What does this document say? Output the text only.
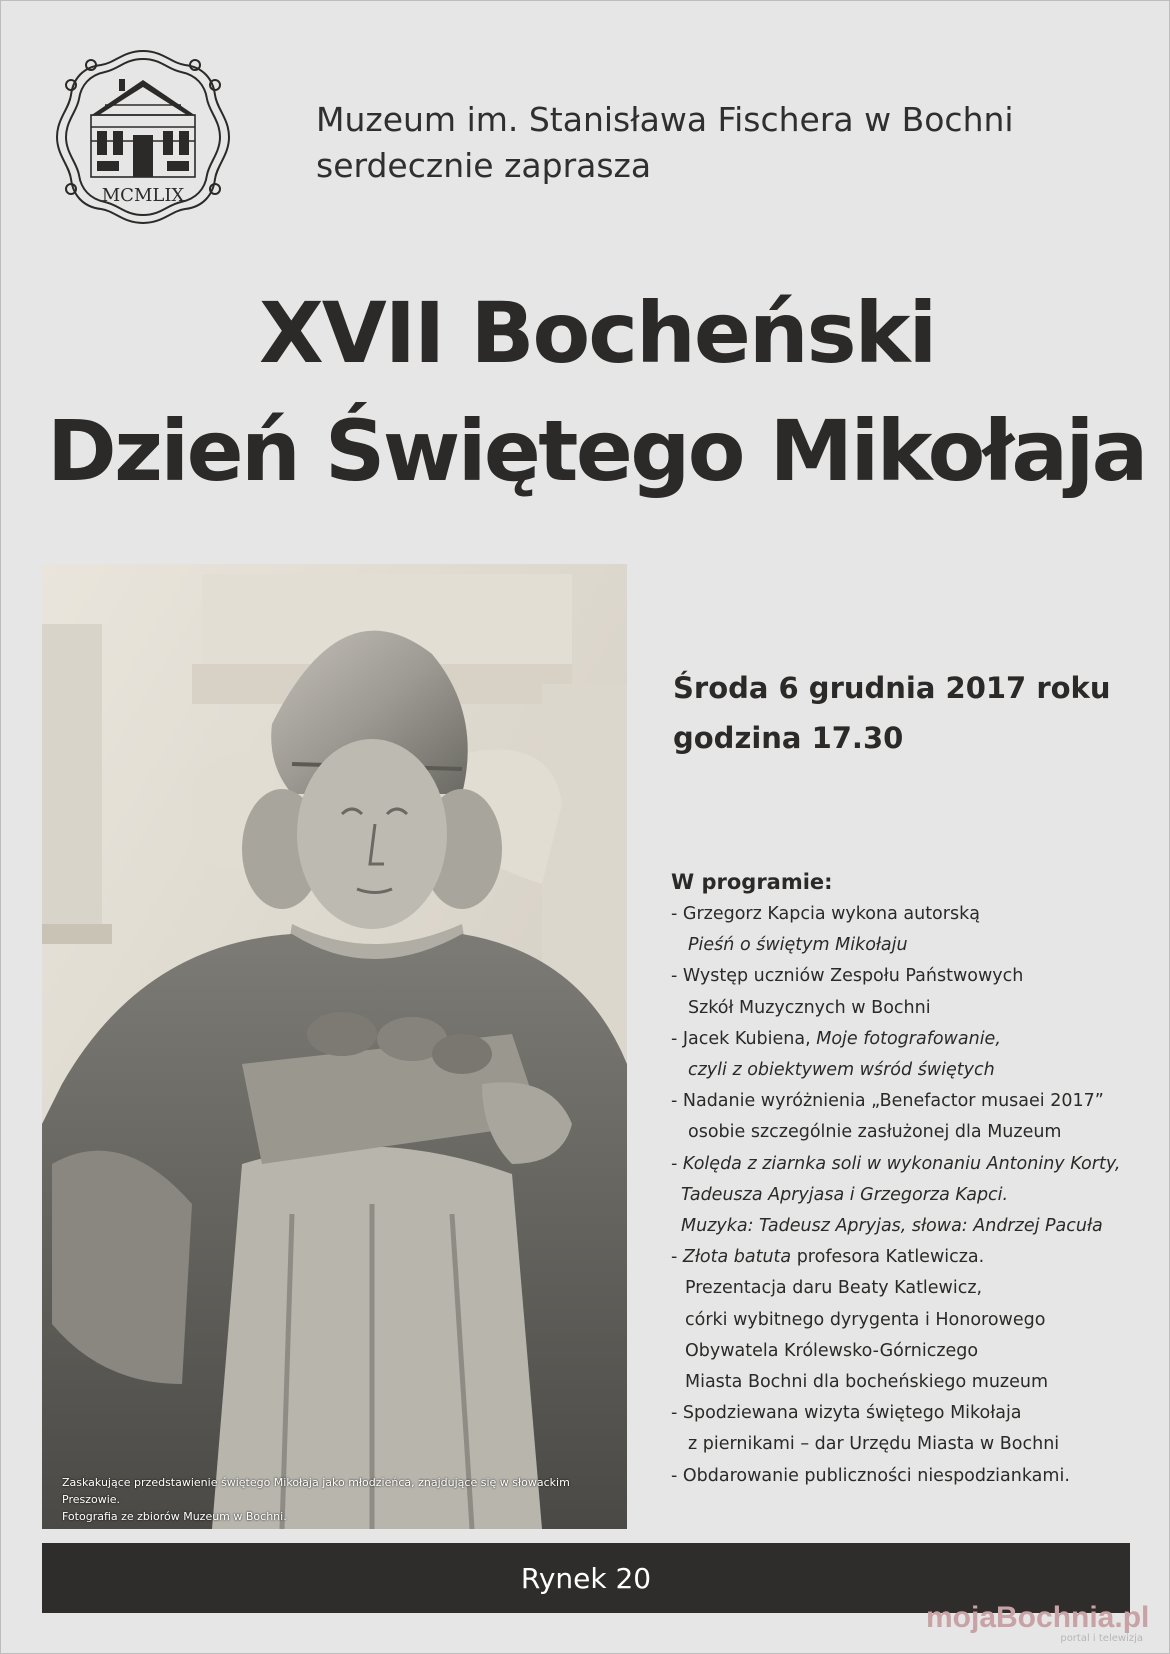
MCMLIX
Muzeum im. Stanisława Fischera w Bochni
serdecznie zaprasza
XVII Bocheński
Dzień Świętego Mikołaja
Zaskakujące przedstawienie świętego Mikołaja jako młodzieńca, znajdujące się w słowackim Preszowie.
Fotografia ze zbiorów Muzeum w Bochni.
Środa 6 grudnia 2017 roku
godzina 17.30
W programie:
- Grzegorz Kapcia wykona autorską
Pieśń o świętym Mikołaju
- Występ uczniów Zespołu Państwowych
Szkół Muzycznych w Bochni
- Jacek Kubiena, Moje fotografowanie,
czyli z obiektywem wśród świętych
- Nadanie wyróżnienia „Benefactor musaei 2017”
osobie szczególnie zasłużonej dla Muzeum
- Kolęda z ziarnka soli w wykonaniu Antoniny Korty,
Tadeusza Apryjasa i Grzegorza Kapci.
Muzyka: Tadeusz Apryjas, słowa: Andrzej Pacuła
- Złota batuta profesora Katlewicza.
Prezentacja daru Beaty Katlewicz,
córki wybitnego dyrygenta i Honorowego
Obywatela Królewsko-Górniczego
Miasta Bochni dla bocheńskiego muzeum
- Spodziewana wizyta świętego Mikołaja
z piernikami – dar Urzędu Miasta w Bochni
- Obdarowanie publiczności niespodziankami.
Rynek 20
mojaBochnia.pl
portal i telewizja
